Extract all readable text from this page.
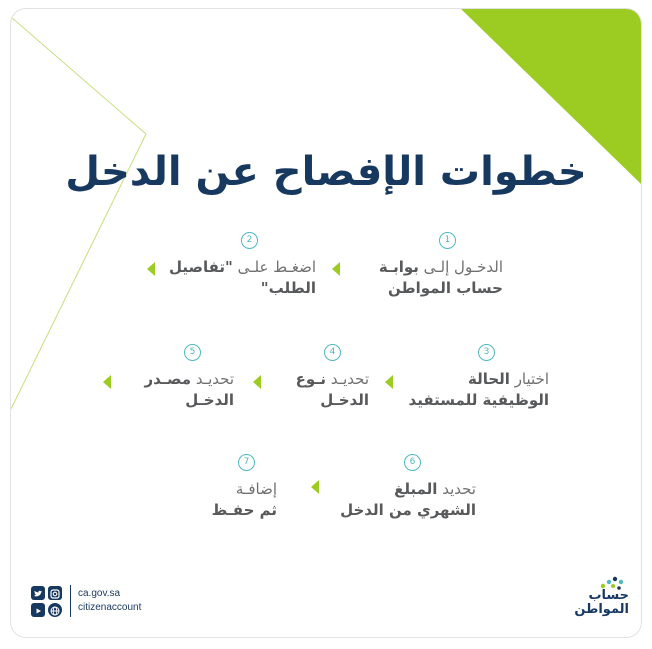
خطوات الإفصاح عن الدخل
1
الدخـول إلـى بوابـة
حساب المواطن
2
اضغـط علـى "تفاصيل
الطلب"
3
اختيار الحالة
الوظيفية للمستفيد
4
تحديـد نـوع
الدخـل
5
تحديـد مصـدر
الدخـل
6
تحديد المبلغ
الشهري من الدخل
7
إضافـة
ثم حفـظ
ca.gov.sa
citizenaccount
حساب
المواطن
